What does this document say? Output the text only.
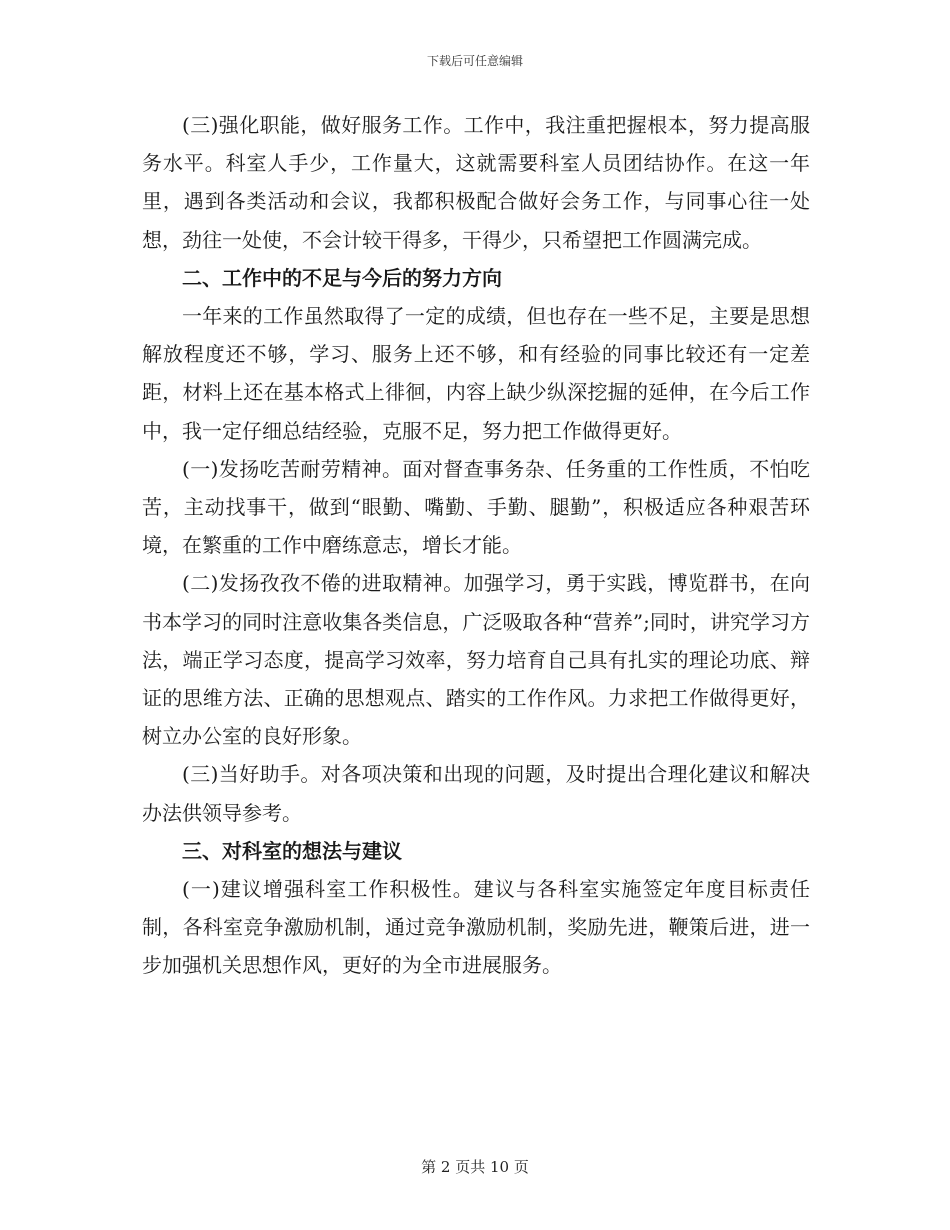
下载后可任意编辑

(三)强化职能，做好服务工作。工作中，我注重把握根本，努力提高服务水平。科室人手少，工作量大，这就需要科室人员团结协作。在这一年里，遇到各类活动和会议，我都积极配合做好会务工作，与同事心往一处想，劲往一处使，不会计较干得多，干得少，只希望把工作圆满完成。

二、工作中的不足与今后的努力方向

一年来的工作虽然取得了一定的成绩，但也存在一些不足，主要是思想解放程度还不够，学习、服务上还不够，和有经验的同事比较还有一定差距，材料上还在基本格式上徘徊，内容上缺少纵深挖掘的延伸，在今后工作中，我一定仔细总结经验，克服不足，努力把工作做得更好。

(一)发扬吃苦耐劳精神。面对督查事务杂、任务重的工作性质，不怕吃苦，主动找事干，做到“眼勤、嘴勤、手勤、腿勤”，积极适应各种艰苦环境，在繁重的工作中磨练意志，增长才能。

(二)发扬孜孜不倦的进取精神。加强学习，勇于实践，博览群书，在向书本学习的同时注意收集各类信息，广泛吸取各种“营养”;同时，讲究学习方法，端正学习态度，提高学习效率，努力培育自己具有扎实的理论功底、辩证的思维方法、正确的思想观点、踏实的工作作风。力求把工作做得更好，树立办公室的良好形象。

(三)当好助手。对各项决策和出现的问题，及时提出合理化建议和解决办法供领导参考。

三、对科室的想法与建议

(一)建议增强科室工作积极性。建议与各科室实施签定年度目标责任制，各科室竞争激励机制，通过竞争激励机制，奖励先进，鞭策后进，进一步加强机关思想作风，更好的为全市进展服务。

第 2 页共 10 页
